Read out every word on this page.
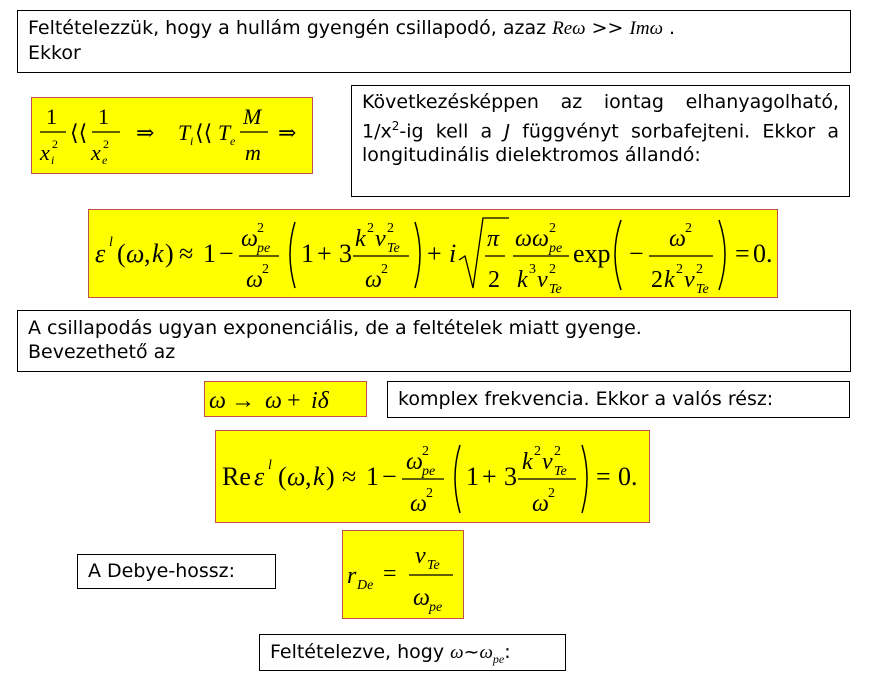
Feltételezzük, hogy a hullám gyengén csillapodó, azaz Reω >> Imω .
Ekkor
1
x i
2 ⟨⟨
1
x e
2 ⇒ T i ⟨⟨ T e
M
m
⇒
Következésképpen az iontag elhanyagolható, $1/x^2-ig$ kell a J függvényt sorbafejteni. Ekkor a longitudinális dielektromos állandó:
ε l ( ω , k ) ≈ 1 − ω pe
2
ω 2
1 + 3 k 2 v 2
Te
ω 2
+ i π
2
ωω pe
2
k 3 v 2
Te
exp − ω 2
2 k 2 v 2
Te
= 0.
A csillapodás ugyan exponenciális, de a feltételek miatt gyenge.
Bevezethető az
ω → ω + iδ	komplex frekvencia. Ekkor a valós rész:
Re ε l ( ω , k ) ≈ 1 − ω pe
2
ω 2
1 + 3 k 2 v 2
Te
ω 2
= 0.
A Debye-hossz:	r De =
v Te
ω pe
Feltételezve, hogy $\omega\sim\omega_{pe}$:
